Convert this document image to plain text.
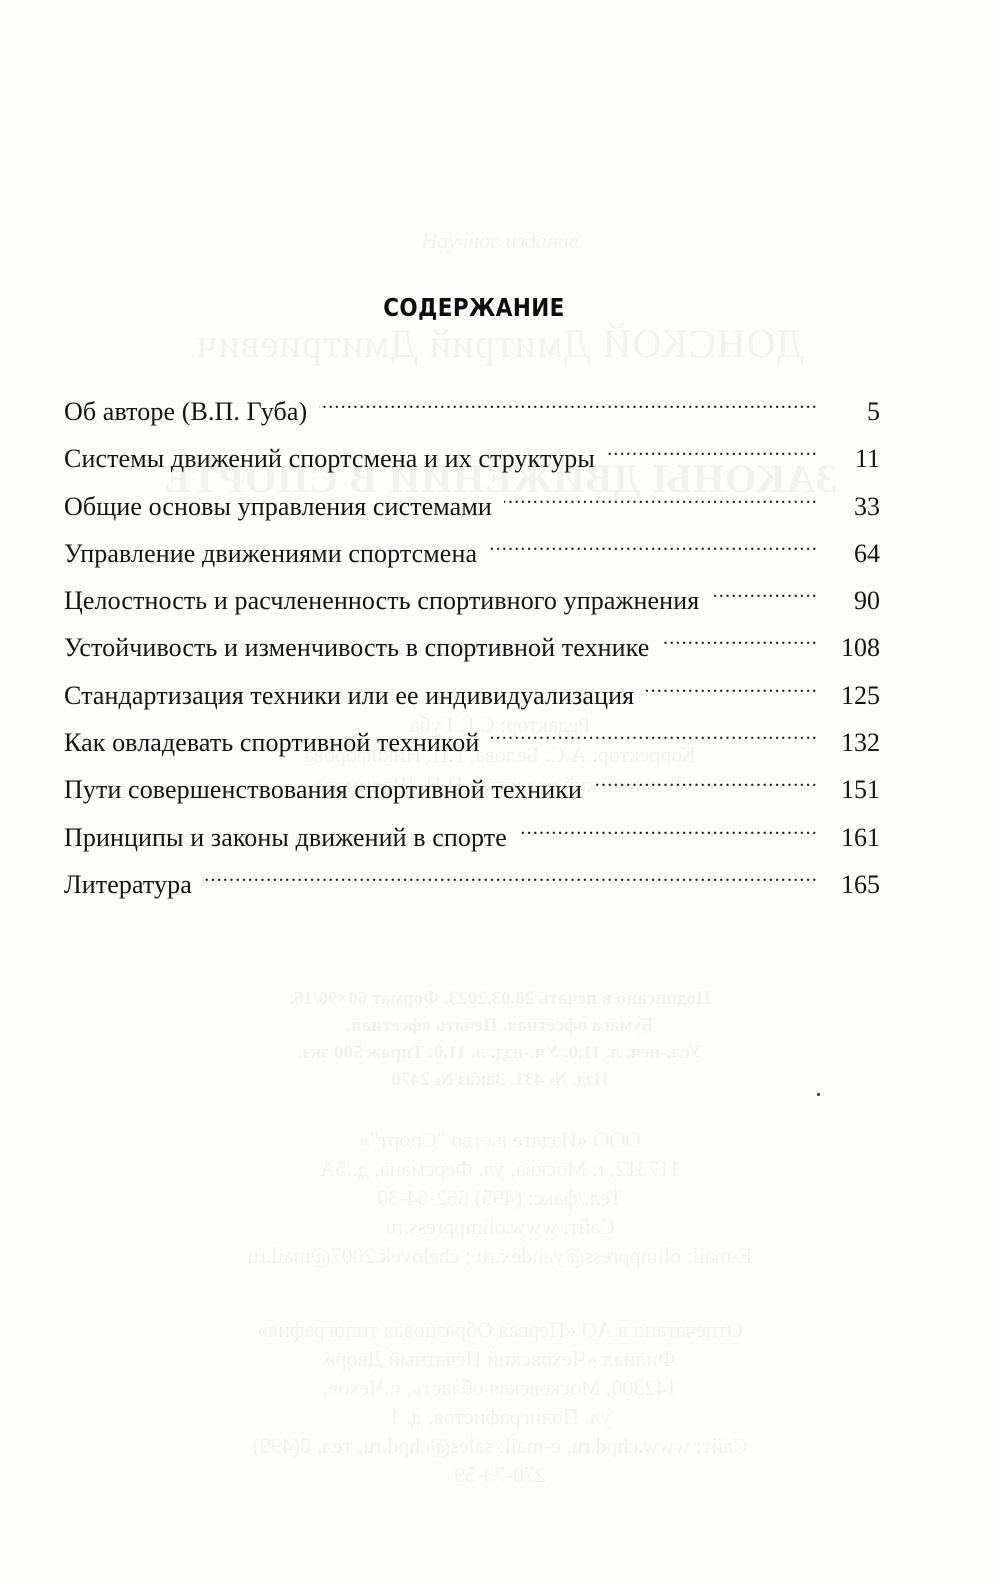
СОДЕРЖАНИЕ
Об авторе (В.П. Губа) .....	5
Системы движений спортсмена и их структуры .....	11
Общие основы управления системами .....	33
Управление движениями спортсмена .....	64
Целостность и расчлененность спортивного упражнения .....	90
Устойчивость и изменчивость в спортивной технике .....	108
Стандартизация техники или ее индивидуализация .....	125
Как овладевать спортивной техникой .....	132
Пути совершенствования спортивной техники .....	151
Принципы и законы движений в спорте .....	161
Литература .....	165
